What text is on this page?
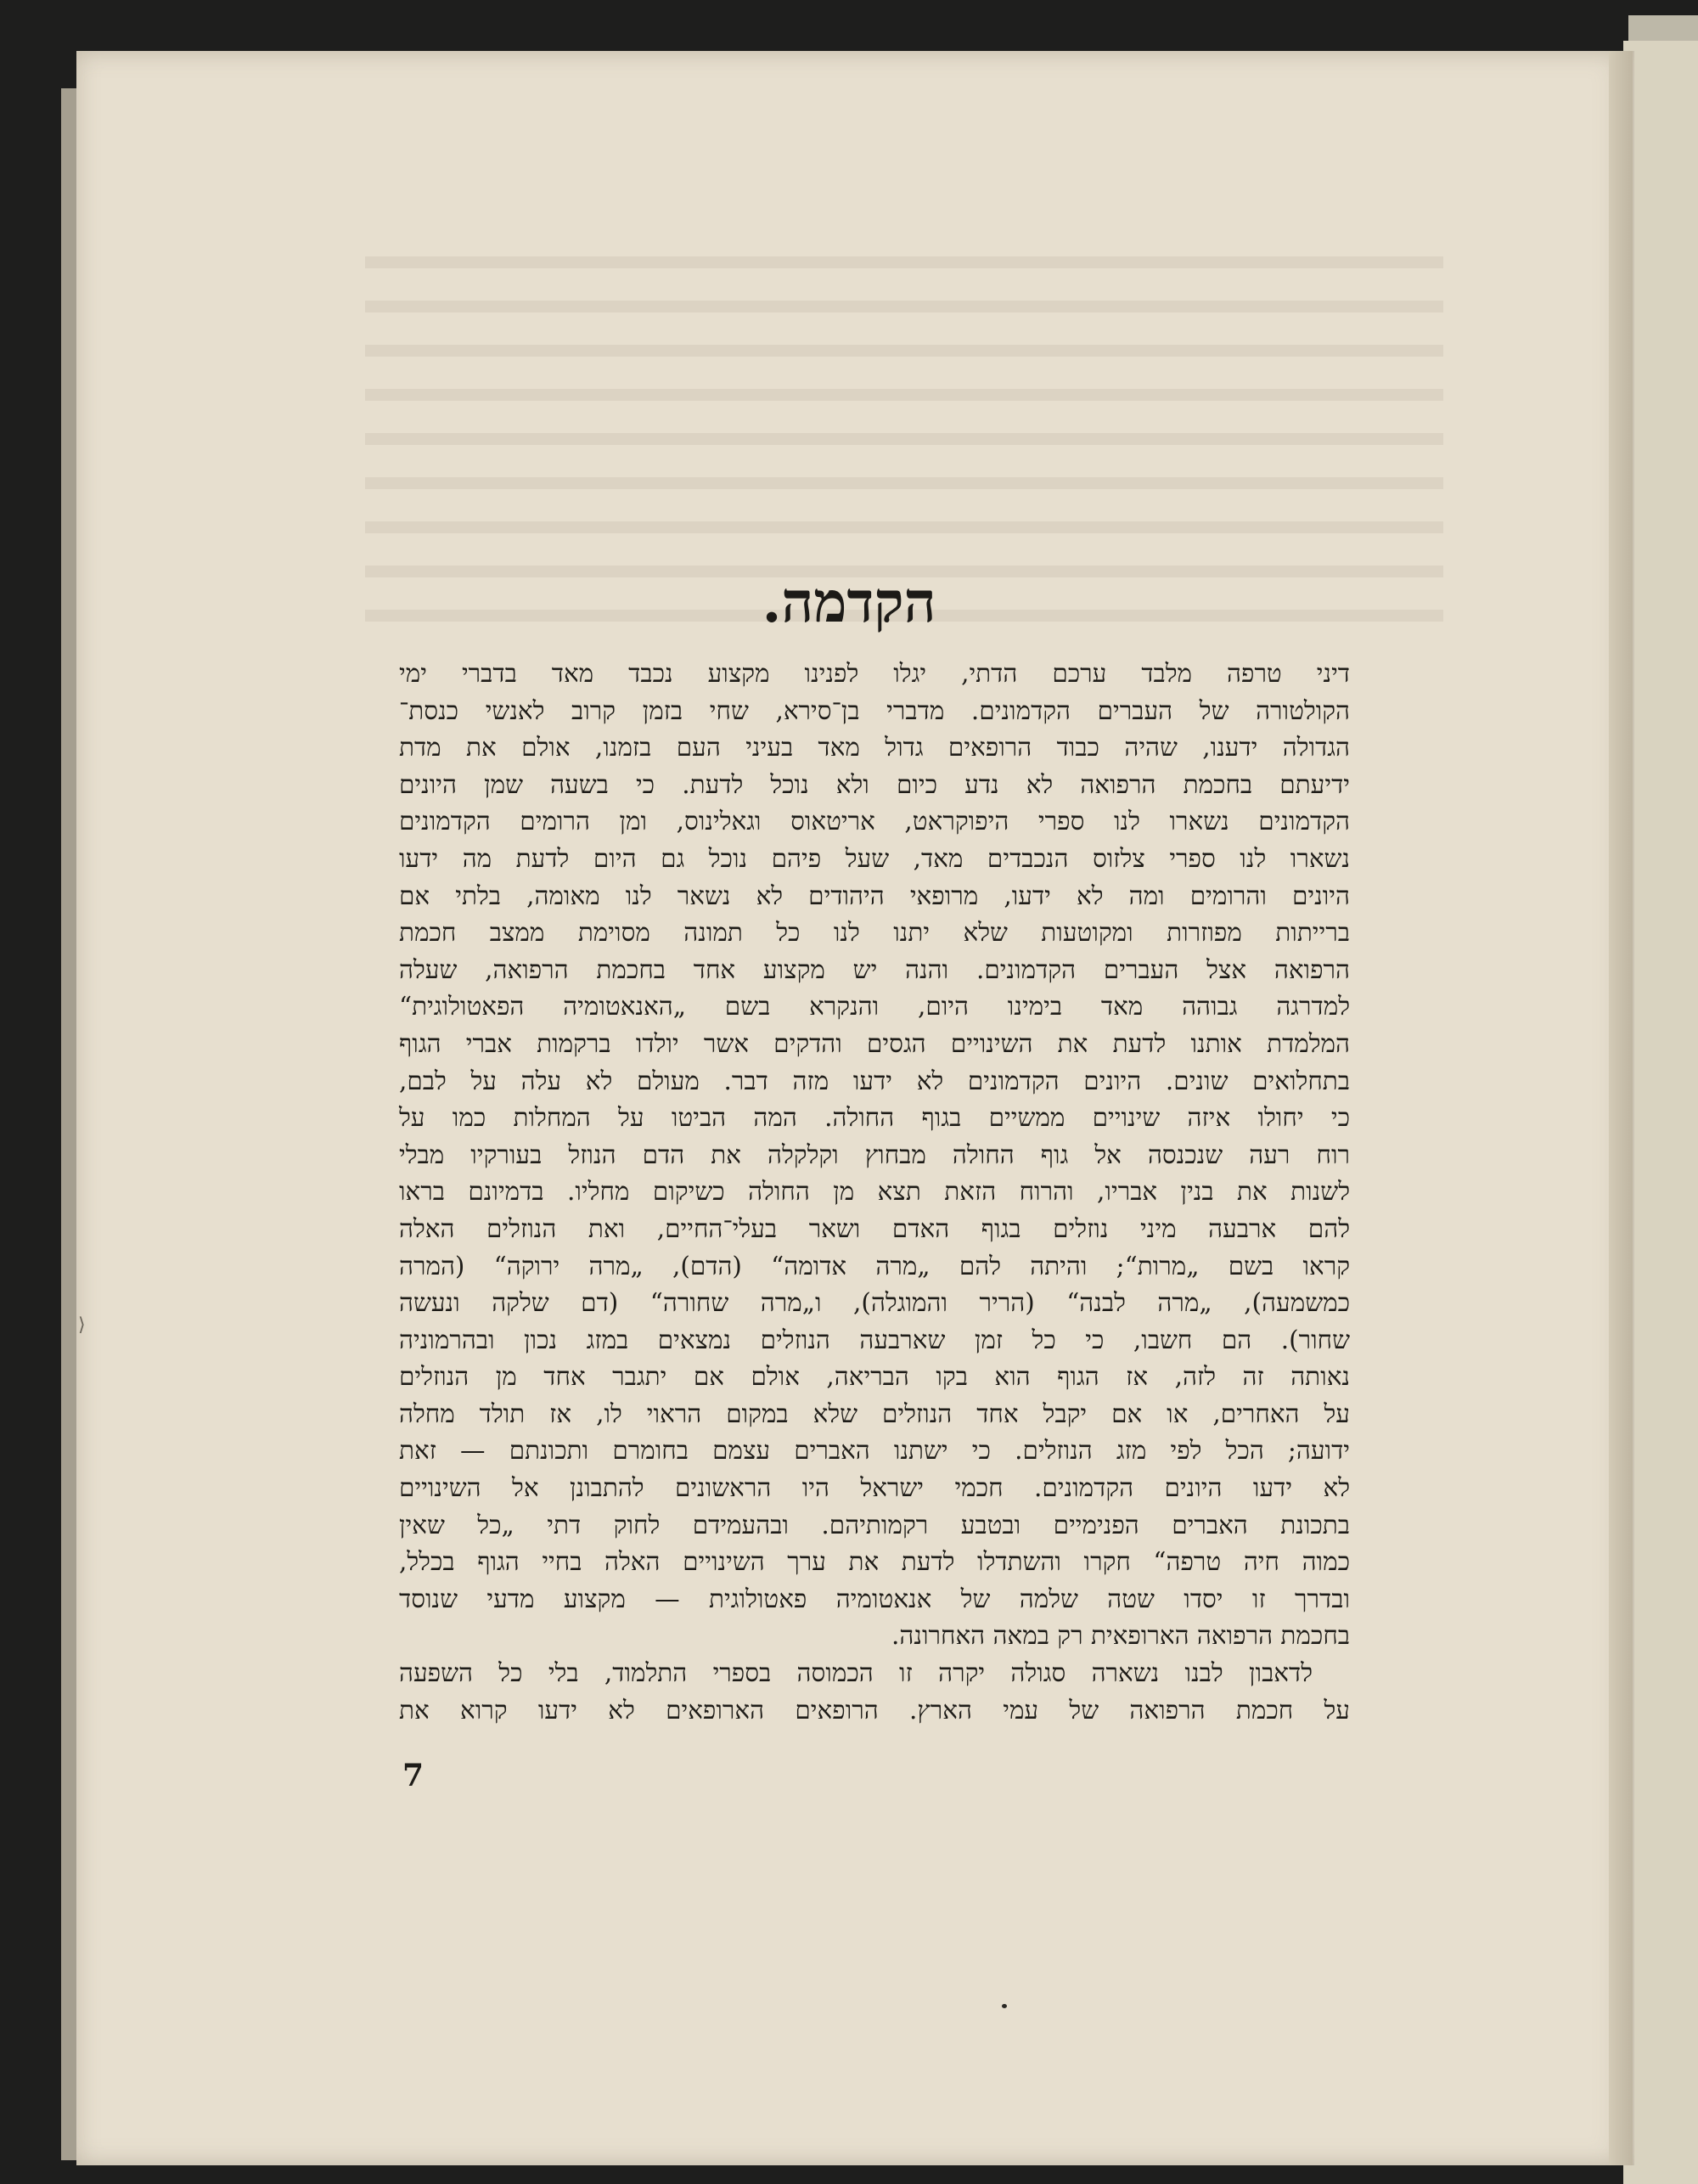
⟩
הקדמה.
דיני טרפה מלבד ערכם הדתי, יגלו לפנינו מקצוע נכבד מאד בדברי ימי
הקולטורה של העברים הקדמונים. מדברי בן־סירא, שחי בזמן קרוב לאנשי כנסת־
הגדולה ידענו, שהיה כבוד הרופאים גדול מאד בעיני העם בזמנו, אולם את מדת
ידיעתם בחכמת הרפואה לא נדע כיום ולא נוכל לדעת. כי בשעה שמן היונים
הקדמונים נשארו לנו ספרי היפוקראט, אריטאוס וגאלינוס, ומן הרומים הקדמונים
נשארו לנו ספרי צלזוס הנכבדים מאד, שעל פיהם נוכל גם היום לדעת מה ידעו
היונים והרומים ומה לא ידעו, מרופאי היהודים לא נשאר לנו מאומה, בלתי אם
ברייתות מפוזרות ומקוטעות שלא יתנו לנו כל תמונה מסוימת ממצב חכמת
הרפואה אצל העברים הקדמונים. והנה יש מקצוע אחד בחכמת הרפואה, שעלה
למדרגה גבוהה מאד בימינו היום, והנקרא בשם „האנאטומיה הפאטולוגית“
המלמדת אותנו לדעת את השינויים הגסים והדקים אשר יולדו ברקמות אברי הגוף
בתחלואים שונים. היונים הקדמונים לא ידעו מזה דבר. מעולם לא עלה על לבם,
כי יחולו איזה שינויים ממשיים בגוף החולה. המה הביטו על המחלות כמו על
רוח רעה שנכנסה אל גוף החולה מבחוץ וקלקלה את הדם הנוזל בעורקיו מבלי
לשנות את בנין אבריו, והרוח הזאת תצא מן החולה כשיקום מחליו. בדמיונם בראו
להם ארבעה מיני נוזלים בגוף האדם ושאר בעלי־החיים, ואת הנוזלים האלה
קראו בשם „מרות“; והיתה להם „מרה אדומה“ (הדם), „מרה ירוקה“ (המרה
כמשמעה), „מרה לבנה“ (הריר והמוגלה), ו„מרה שחורה“ (דם שלקה ונעשה
שחור). הם חשבו, כי כל זמן שארבעה הנוזלים נמצאים במזג נכון ובהרמוניה
נאותה זה לזה, אז הגוף הוא בקו הבריאה, אולם אם יתגבר אחד מן הנוזלים
על האחרים, או אם יקבל אחד הנוזלים שלא במקום הראוי לו, אז תולד מחלה
ידועה; הכל לפי מזג הנוזלים. כי ישתנו האברים עצמם בחומרם ותכונתם — זאת
לא ידעו היונים הקדמונים. חכמי ישראל היו הראשונים להתבונן אל השינויים
בתכונת האברים הפנימיים ובטבע רקמותיהם. ובהעמידם לחוק דתי „כל שאין
כמוה חיה טרפה“ חקרו והשתדלו לדעת את ערך השינויים האלה בחיי הגוף בכלל,
ובדרך זו יסדו שטה שלמה של אנאטומיה פאטולוגית — מקצוע מדעי שנוסד
בחכמת הרפואה הארופאית רק במאה האחרונה.
לדאבון לבנו נשארה סגולה יקרה זו הכמוסה בספרי התלמוד, בלי כל השפעה
על חכמת הרפואה של עמי הארץ. הרופאים הארופאים לא ידעו קרוא את
7
